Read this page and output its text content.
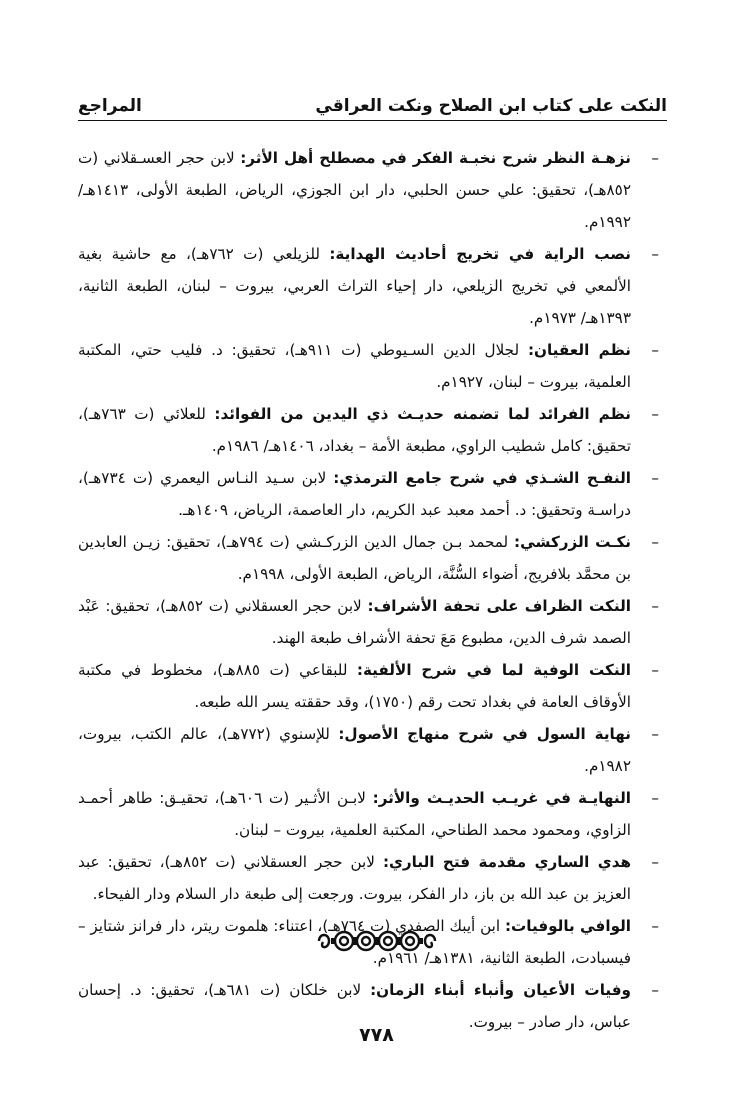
النكت على كتاب ابن الصلاح ونكت العراقي
المراجع
–
نزهـة النظر شرح نخبـة الفكر في مصطلح أهل الأثر: لابن حجر العسـقلاني (ت ٨٥٢هـ)، تحقيق: علي حسن الحلبي، دار ابن الجوزي، الرياض، الطبعة الأولى، ١٤١٣هـ/ ١٩٩٢م.
–
نصب الراية في تخريج أحاديث الهداية: للزيلعي (ت ٧٦٢هـ)، مع حاشية بغية الألمعي في تخريج الزيلعي، دار إحياء التراث العربي، بيروت – لبنان، الطبعة الثانية، ١٣٩٣هـ/ ١٩٧٣م.
–
نظم العقيان: لجلال الدين السـيوطي (ت ٩١١هـ)، تحقيق: د. فليب حتي، المكتبة العلمية، بيروت – لبنان، ١٩٢٧م.
–
نظم الفرائد لما تضمنه حديـث ذي اليدين من الفوائد: للعلائي (ت ٧٦٣هـ)، تحقيق: كامل شطيب الراوي، مطبعة الأمة – بغداد، ١٤٠٦هـ/ ١٩٨٦م.
–
النفـح الشـذي في شرح جامع الترمذي: لابن سـيد النـاس اليعمري (ت ٧٣٤هـ)، دراسـة وتحقيق: د. أحمد معبد عبد الكريم، دار العاصمة، الرياض، ١٤٠٩هـ.
–
نكـت الزركشي: لمحمد بـن جمال الدين الزركـشي (ت ٧٩٤هـ)، تحقيق: زيـن العابدين بن محمَّد بلافريج، أضواء السُّنَّة، الرياض، الطبعة الأولى، ١٩٩٨م.
–
النكت الظراف على تحفة الأشراف: لابن حجر العسقلاني (ت ٨٥٢هـ)، تحقيق: عَبْد الصمد شرف الدين، مطبوع مَعَ تحفة الأشراف طبعة الهند.
–
النكت الوفية لما في شرح الألفية: للبقاعي (ت ٨٨٥هـ)، مخطوط في مكتبة الأوقاف العامة في بغداد تحت رقم (١٧٥٠)، وقد حققته يسر الله طبعه.
–
نهاية السول في شرح منهاج الأصول: للإسنوي (٧٧٢هـ)، عالم الكتب، بيروت، ١٩٨٢م.
–
النهايـة في غريـب الحديـث والأثر: لابـن الأثـير (ت ٦٠٦هـ)، تحقيـق: طاهر أحمـد الزاوي، ومحمود محمد الطناحي، المكتبة العلمية، بيروت – لبنان.
–
هدي الساري مقدمة فتح الباري: لابن حجر العسقلاني (ت ٨٥٢هـ)، تحقيق: عبد العزيز بن عبد الله بن باز، دار الفكر، بيروت. ورجعت إلى طبعة دار السلام ودار الفيحاء.
–
الوافي بالوفيات: ابن أيبك الصفدي (ت ٧٦٤هـ)، اعتناء: هلموت ريتر، دار فرانز شتايز – فيسبادت، الطبعة الثانية، ١٣٨١هـ/ ١٩٦١م.
–
وفيات الأعيان وأنباء أبناء الزمان: لابن خلكان (ت ٦٨١هـ)، تحقيق: د. إحسان عباس، دار صادر – بيروت.
٧٧٨
